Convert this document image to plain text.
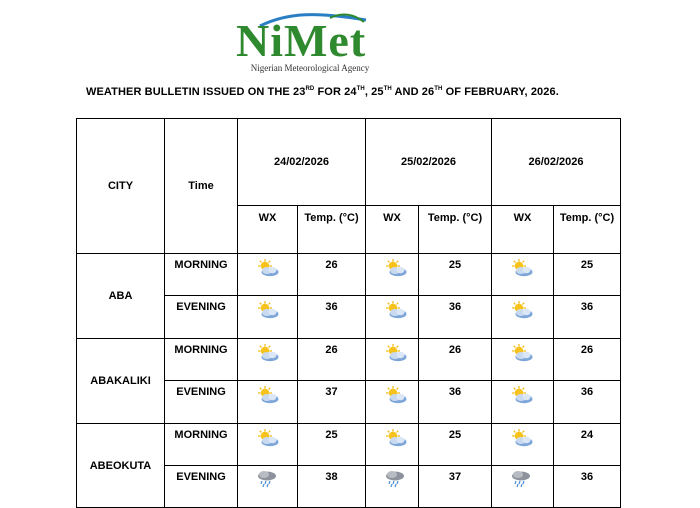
NiMet
Nigerian Meteorological Agency
WEATHER BULLETIN ISSUED ON THE 23RD FOR 24TH, 25TH AND 26TH OF FEBRUARY, 2026.
CITY	Time	24/02/2026		25/02/2026		26/02/2026	
		WX	Temp. (°C)	WX	Temp. (°C)	WX	Temp. (°C)
ABA	MORNING		26		25		25
	EVENING		36		36		36
ABAKALIKI	MORNING		26		26		26
	EVENING		37		36		36
ABEOKUTA	MORNING		25		25		24
	EVENING		38		37		36
